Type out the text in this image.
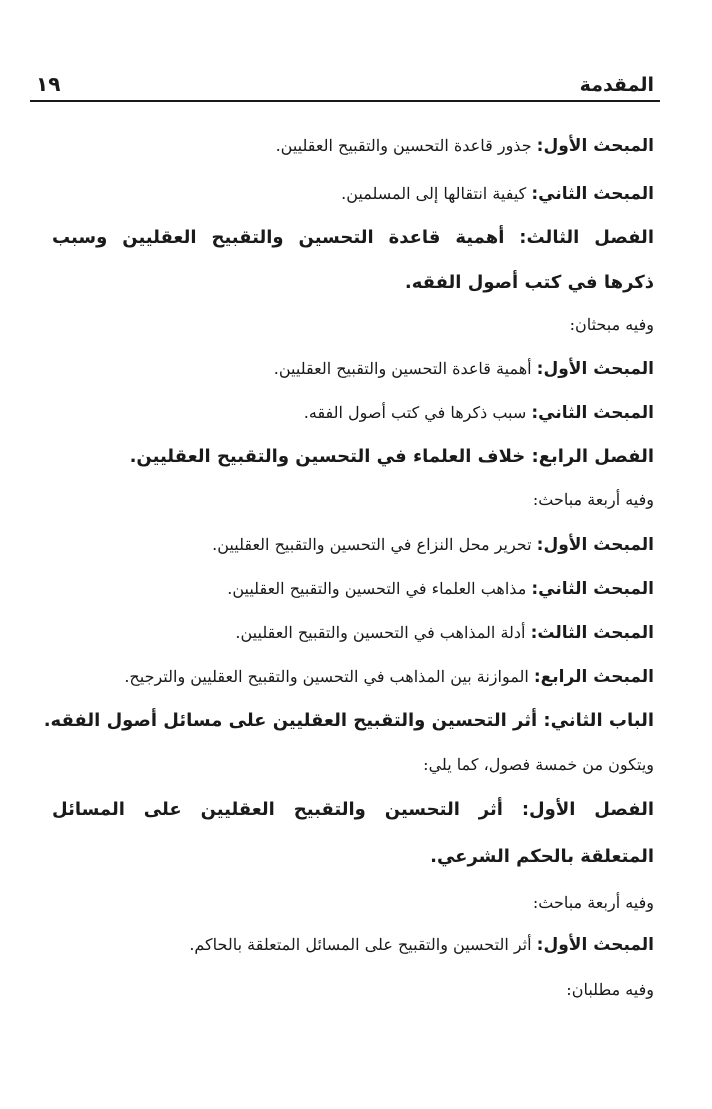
المقدمة
١٩
المبحث الأول: جذور قاعدة التحسين والتقبيح العقليين.
المبحث الثاني: كيفية انتقالها إلى المسلمين.
الفصل الثالث: أهمية قاعدة التحسين والتقبيح العقليين وسبب
ذكرها في كتب أصول الفقه.
وفيه مبحثان:
المبحث الأول: أهمية قاعدة التحسين والتقبيح العقليين.
المبحث الثاني: سبب ذكرها في كتب أصول الفقه.
الفصل الرابع: خلاف العلماء في التحسين والتقبيح العقليين.
وفيه أربعة مباحث:
المبحث الأول: تحرير محل النزاع في التحسين والتقبيح العقليين.
المبحث الثاني: مذاهب العلماء في التحسين والتقبيح العقليين.
المبحث الثالث: أدلة المذاهب في التحسين والتقبيح العقليين.
المبحث الرابع: الموازنة بين المذاهب في التحسين والتقبيح العقليين والترجيح.
الباب الثاني: أثر التحسين والتقبيح العقليين على مسائل أصول الفقه.
ويتكون من خمسة فصول، كما يلي:
الفصل الأول: أثر التحسين والتقبيح العقليين على المسائل
المتعلقة بالحكم الشرعي.
وفيه أربعة مباحث:
المبحث الأول: أثر التحسين والتقبيح على المسائل المتعلقة بالحاكم.
وفيه مطلبان:
